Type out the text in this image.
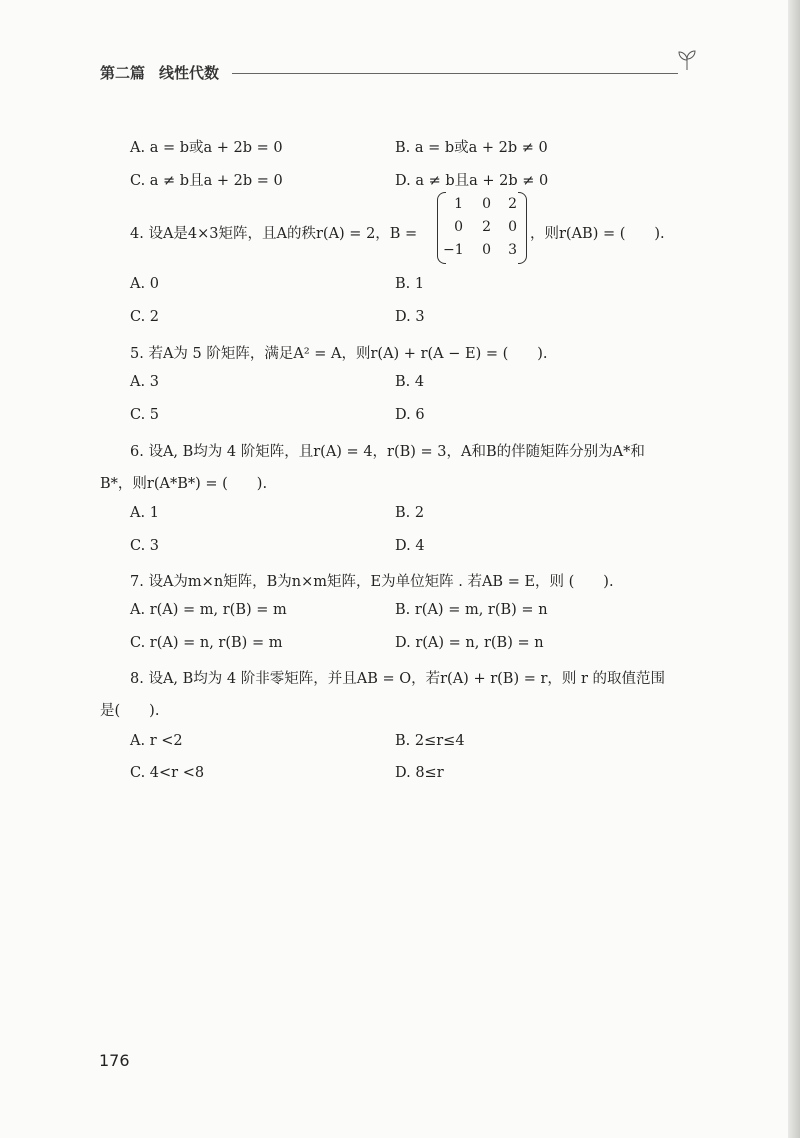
第二篇 线性代数
A. a = b或a + 2b = 0	B. a = b或a + 2b ≠ 0
C. a ≠ b且a + 2b = 0	D. a ≠ b且a + 2b ≠ 0
4. 设A是4×3矩阵，且A的秩r(A) = 2，B =
1	0	2
0	2	0
−1	0	3
，则r(AB) = (　　).
A. 0	B. 1
C. 2	D. 3
5. 若A为 5 阶矩阵，满足A² = A，则r(A) + r(A − E) = (　　).
A. 3	B. 4
C. 5	D. 6
6. 设A, B均为 4 阶矩阵，且r(A) = 4，r(B) = 3，A和B的伴随矩阵分别为A*和
B*，则r(A*B*) = (　　).
A. 1	B. 2
C. 3	D. 4
7. 设A为m×n矩阵，B为n×m矩阵，E为单位矩阵 . 若AB = E，则 (　　).
A. r(A) = m, r(B) = m	B. r(A) = m, r(B) = n
C. r(A) = n, r(B) = m	D. r(A) = n, r(B) = n
8. 设A, B均为 4 阶非零矩阵，并且AB = O，若r(A) + r(B) = r，则 r 的取值范围
是(　　).
A. r <2	B. 2≤r≤4
C. 4<r <8	D. 8≤r
176
